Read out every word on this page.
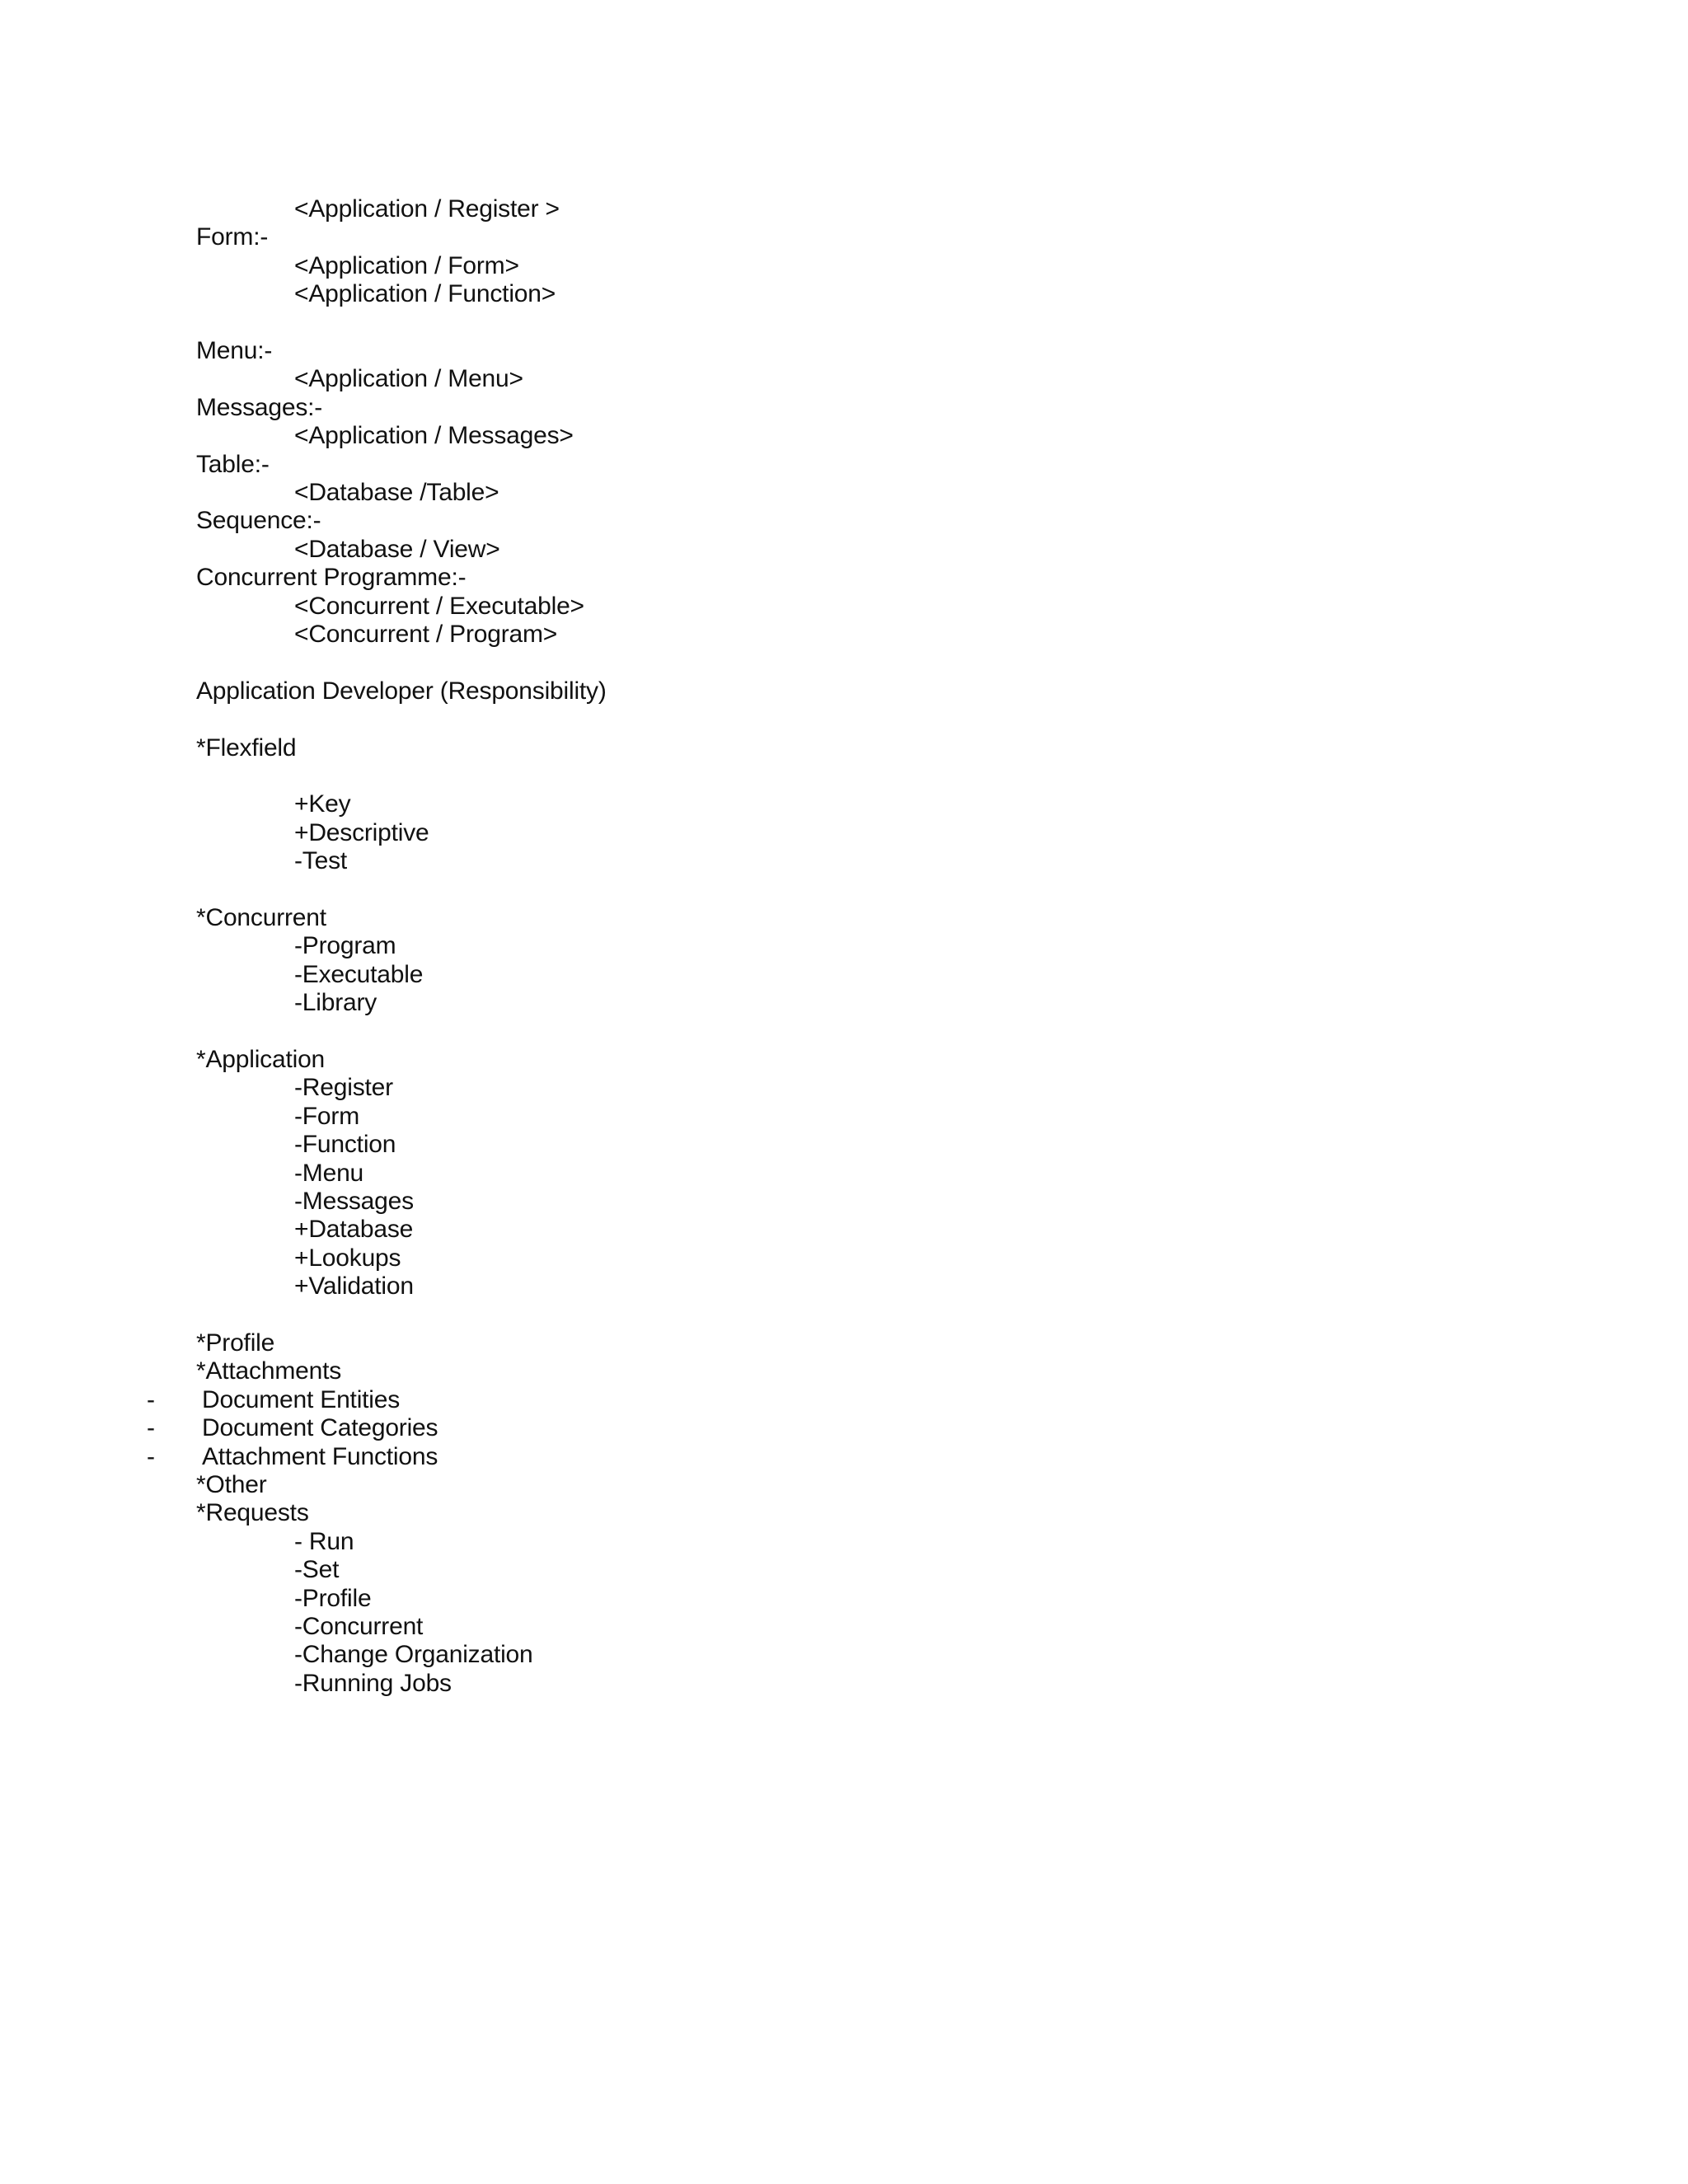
<Application / Register >
Form:-
<Application / Form>
<Application / Function>
Menu:-
<Application / Menu>
Messages:-
<Application / Messages>
Table:-
<Database /Table>
Sequence:-
<Database / View>
Concurrent Programme:-
<Concurrent / Executable>
<Concurrent / Program>
Application Developer (Responsibility)
*Flexfield
+Key
+Descriptive
-Test
*Concurrent
-Program
-Executable
-Library
*Application
-Register
-Form
-Function
-Menu
-Messages
+Database
+Lookups
+Validation
*Profile
*Attachments
- Document Entities
- Document Categories
- Attachment Functions
*Other
*Requests
- Run
-Set
-Profile
-Concurrent
-Change Organization
-Running Jobs
